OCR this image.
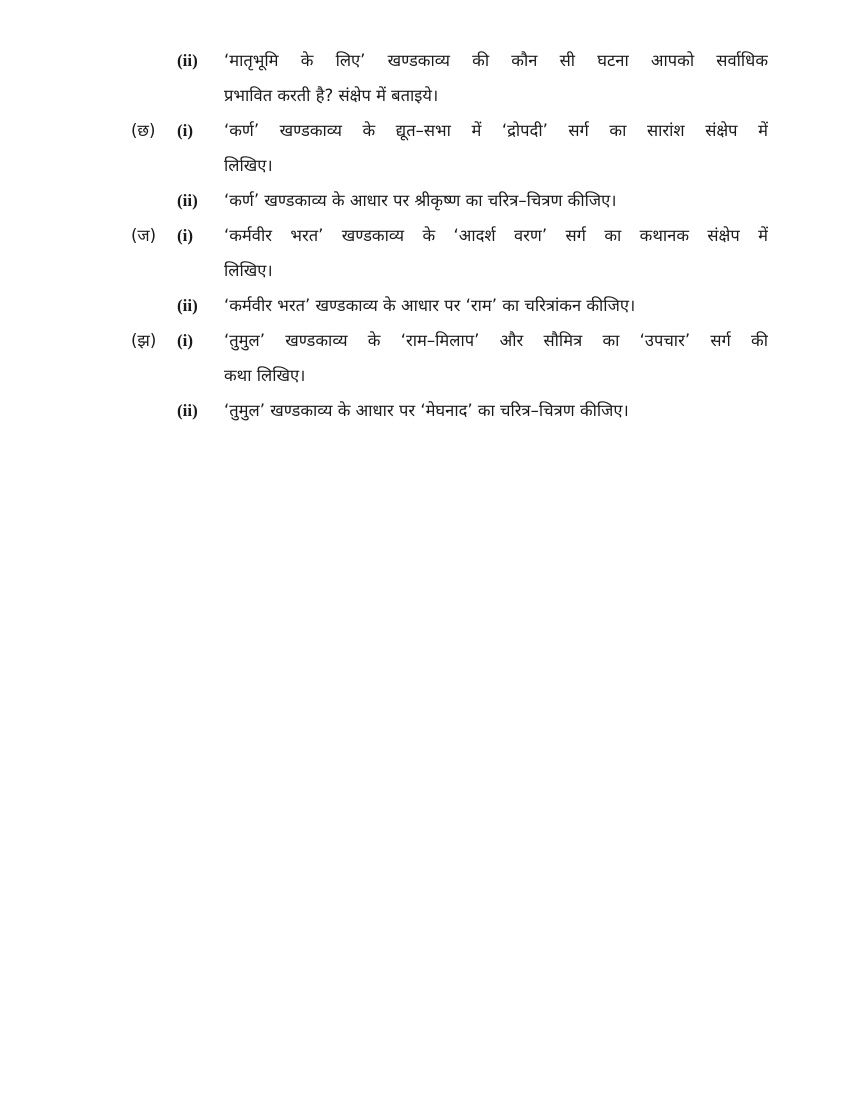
(ii) ‘मातृभूमि के लिए’ खण्डकाव्य की कौन सी घटना आपको सर्वाधिक
प्रभावित करती है? संक्षेप में बताइये।
(छ) (i) ‘कर्ण’ खण्डकाव्य के द्यूत–सभा में ‘द्रोपदी’ सर्ग का सारांश संक्षेप में
लिखिए।
(ii) ‘कर्ण’ खण्डकाव्य के आधार पर श्रीकृष्ण का चरित्र–चित्रण कीजिए।
(ज) (i) ‘कर्मवीर भरत’ खण्डकाव्य के ‘आदर्श वरण’ सर्ग का कथानक संक्षेप में
लिखिए।
(ii) ‘कर्मवीर भरत’ खण्डकाव्य के आधार पर ‘राम’ का चरित्रांकन कीजिए।
(झ) (i) ‘तुमुल’ खण्डकाव्य के ‘राम–मिलाप’ और सौमित्र का ‘उपचार’ सर्ग की
कथा लिखिए।
(ii) ‘तुमुल’ खण्डकाव्य के आधार पर ‘मेघनाद’ का चरित्र–चित्रण कीजिए।
